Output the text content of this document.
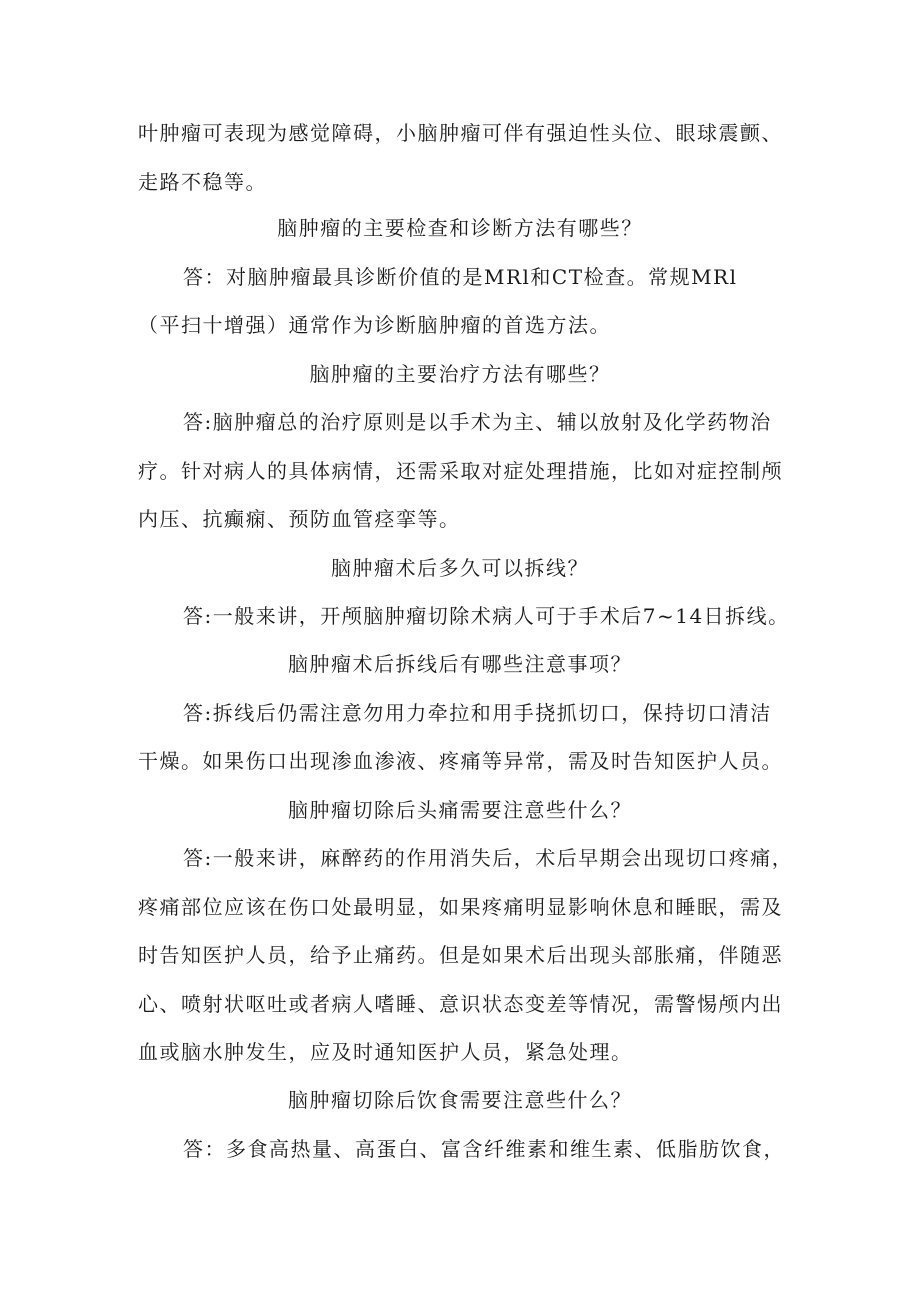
叶肿瘤可表现为感觉障碍，小脑肿瘤可伴有强迫性头位、眼球震颤、
走路不稳等。
脑肿瘤的主要检查和诊断方法有哪些？
答：对脑肿瘤最具诊断价值的是MRl和CT检查。常规MRl
（平扫十增强）通常作为诊断脑肿瘤的首选方法。
脑肿瘤的主要治疗方法有哪些？
答:脑肿瘤总的治疗原则是以手术为主、辅以放射及化学药物治
疗。针对病人的具体病情，还需采取对症处理措施，比如对症控制颅
内压、抗癫痫、预防血管痉挛等。
脑肿瘤术后多久可以拆线？
答:一般来讲，开颅脑肿瘤切除术病人可于手术后7~14日拆线。
脑肿瘤术后拆线后有哪些注意事项？
答:拆线后仍需注意勿用力牵拉和用手挠抓切口，保持切口清洁
干燥。如果伤口出现渗血渗液、疼痛等异常，需及时告知医护人员。
脑肿瘤切除后头痛需要注意些什么？
答:一般来讲，麻醉药的作用消失后，术后早期会出现切口疼痛，
疼痛部位应该在伤口处最明显，如果疼痛明显影响休息和睡眠，需及
时告知医护人员，给予止痛药。但是如果术后出现头部胀痛，伴随恶
心、喷射状呕吐或者病人嗜睡、意识状态变差等情况，需警惕颅内出
血或脑水肿发生，应及时通知医护人员，紧急处理。
脑肿瘤切除后饮食需要注意些什么？
答：多食高热量、高蛋白、富含纤维素和维生素、低脂肪饮食，
